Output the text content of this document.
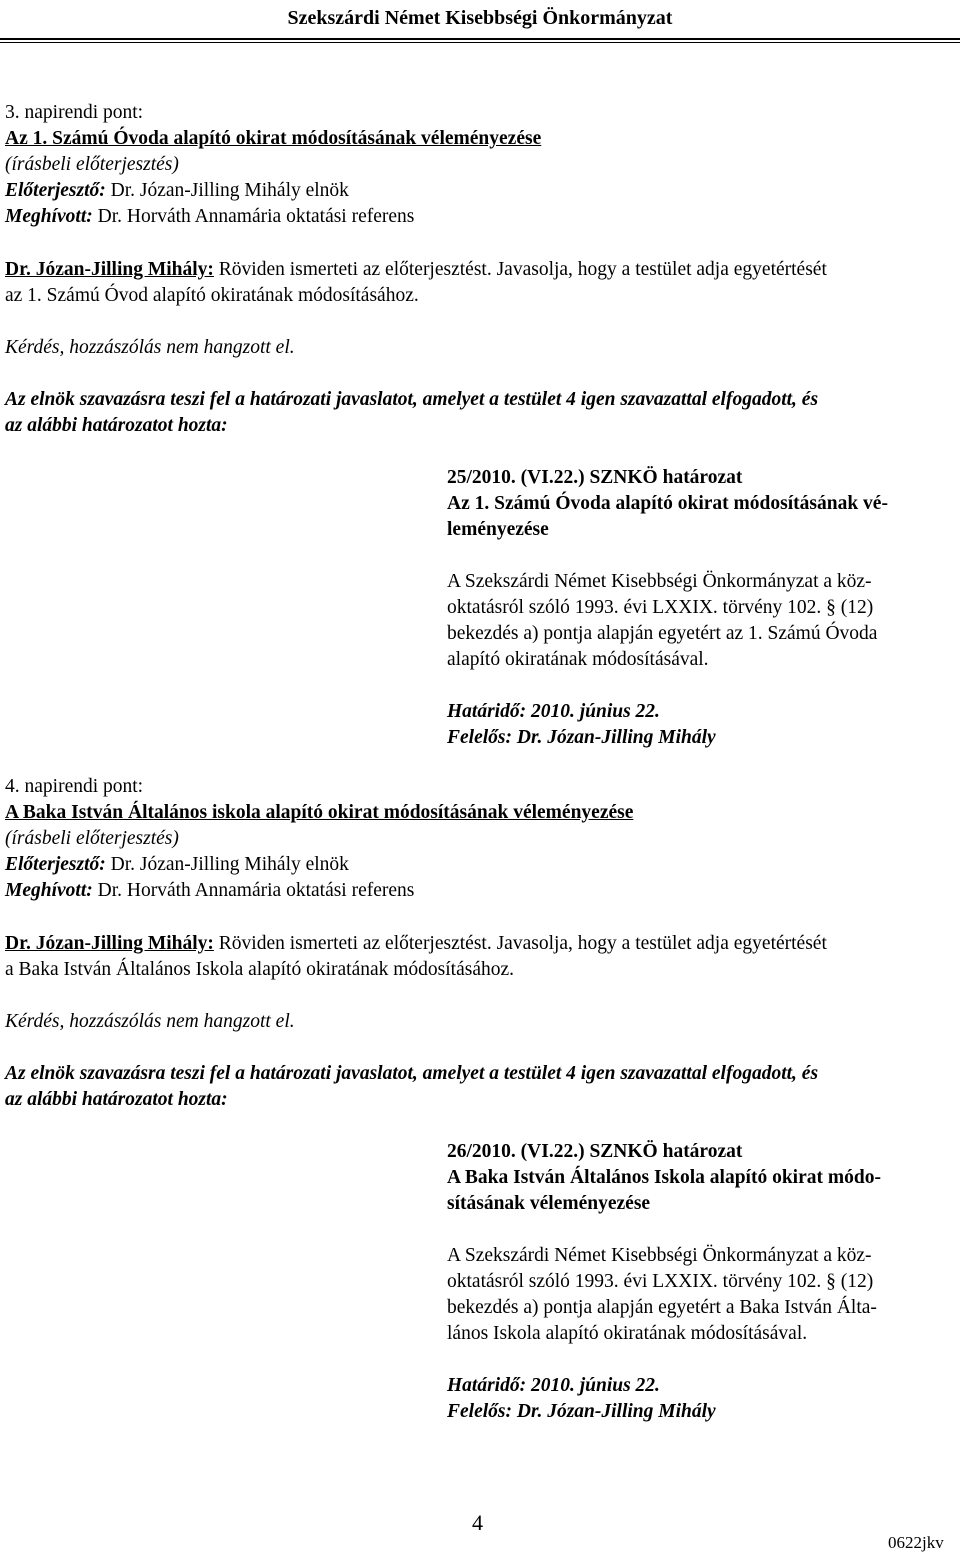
Szekszárdi Német Kisebbségi Önkormányzat
3. napirendi pont:
Az 1. Számú Óvoda alapító okirat módosításának véleményezése
(írásbeli előterjesztés)
Előterjesztő: Dr. Józan-Jilling Mihály elnök
Meghívott: Dr. Horváth Annamária oktatási referens
Dr. Józan-Jilling Mihály: Röviden ismerteti az előterjesztést. Javasolja, hogy a testület adja egyetértését
az 1. Számú Óvod alapító okiratának módosításához.
Kérdés, hozzászólás nem hangzott el.
Az elnök szavazásra teszi fel a határozati javaslatot, amelyet a testület 4 igen szavazattal elfogadott, és
az alábbi határozatot hozta:
25/2010. (VI.22.) SZNKÖ határozat
Az 1. Számú Óvoda alapító okirat módosításának vé-
leményezése
A Szekszárdi Német Kisebbségi Önkormányzat a köz-
oktatásról szóló 1993. évi LXXIX. törvény 102. § (12)
bekezdés a) pontja alapján egyetért az 1. Számú Óvoda
alapító okiratának módosításával.
Határidő: 2010. június 22.
Felelős: Dr. Józan-Jilling Mihály
4. napirendi pont:
A Baka István Általános iskola alapító okirat módosításának véleményezése
(írásbeli előterjesztés)
Előterjesztő: Dr. Józan-Jilling Mihály elnök
Meghívott: Dr. Horváth Annamária oktatási referens
Dr. Józan-Jilling Mihály: Röviden ismerteti az előterjesztést. Javasolja, hogy a testület adja egyetértését
a Baka István Általános Iskola alapító okiratának módosításához.
Kérdés, hozzászólás nem hangzott el.
Az elnök szavazásra teszi fel a határozati javaslatot, amelyet a testület 4 igen szavazattal elfogadott, és
az alábbi határozatot hozta:
26/2010. (VI.22.) SZNKÖ határozat
A Baka István Általános Iskola alapító okirat módo-
sításának véleményezése
A Szekszárdi Német Kisebbségi Önkormányzat a köz-
oktatásról szóló 1993. évi LXXIX. törvény 102. § (12)
bekezdés a) pontja alapján egyetért a Baka István Álta-
lános Iskola alapító okiratának módosításával.
Határidő: 2010. június 22.
Felelős: Dr. Józan-Jilling Mihály
4
0622jkv
